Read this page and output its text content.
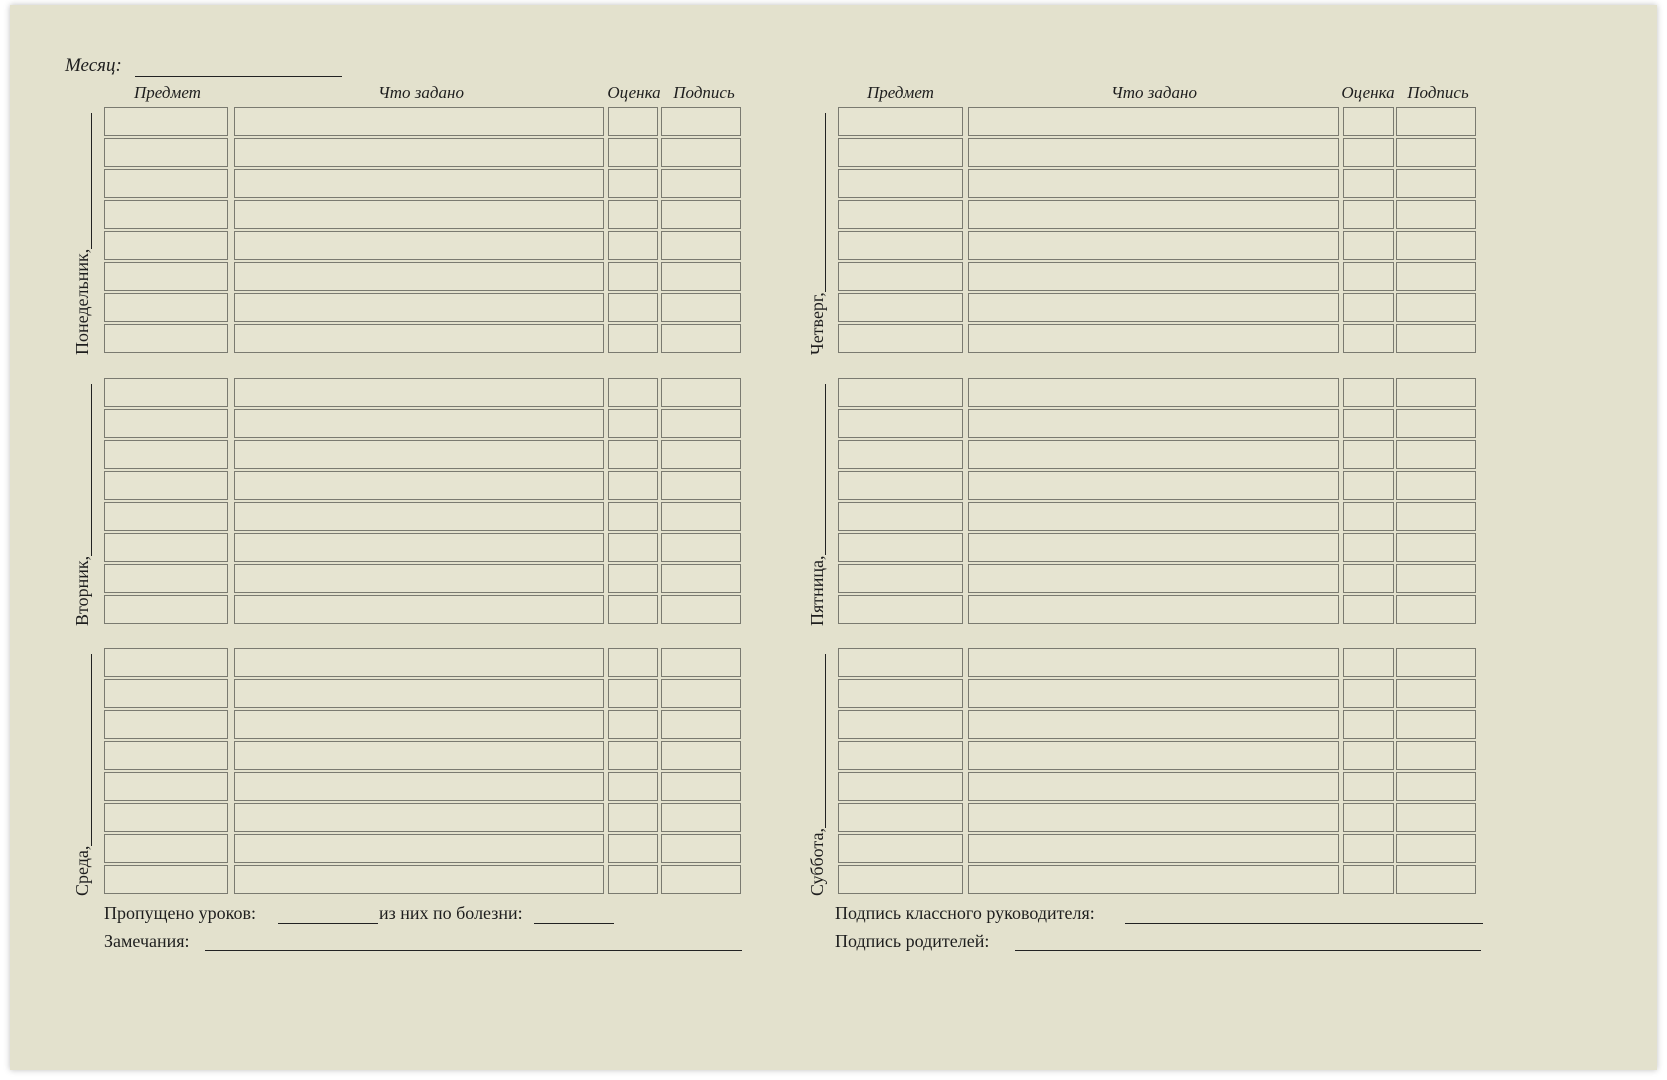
Месяц:
Предмет	Что задано	Оценка Подпись	Предмет	Что задано	Оценка Подпись
Понедельник,
Вторник,
Среда,
Четверг,
Пятница,
Суббота,
Пропущено уроков:	из них по болезни:
Замечания:
Подпись классного руководителя:
Подпись родителей:
